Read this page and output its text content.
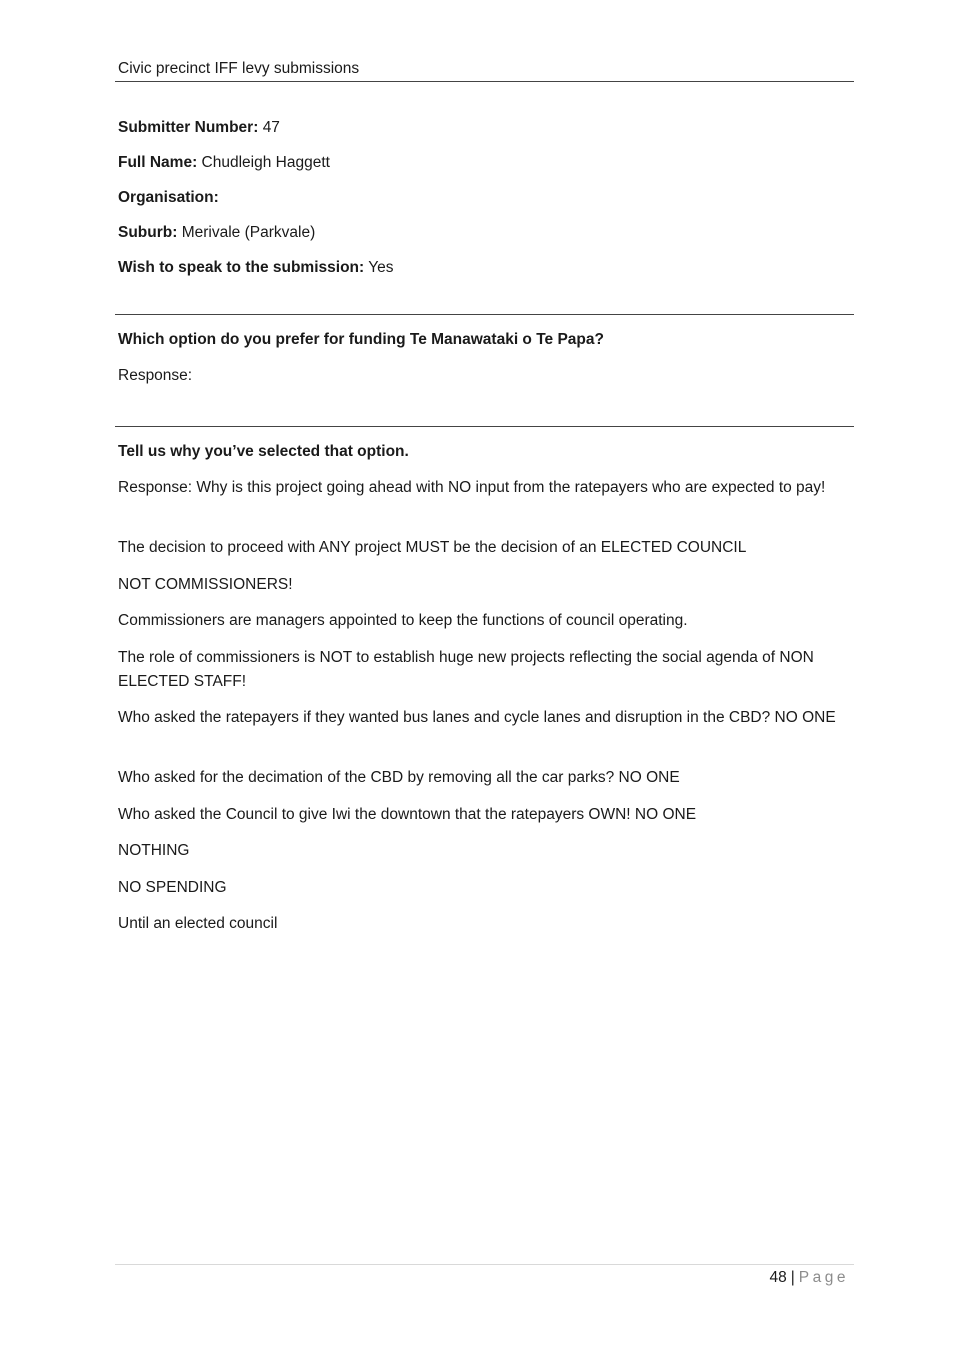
Civic precinct IFF levy submissions
Submitter Number: 47
Full Name: Chudleigh Haggett
Organisation:
Suburb: Merivale (Parkvale)
Wish to speak to the submission: Yes
Which option do you prefer for funding Te Manawataki o Te Papa?
Response:
Tell us why you’ve selected that option.
Response: Why is this project going ahead with NO input from the ratepayers who are expected to pay!
The decision to proceed with ANY project MUST be the decision of an ELECTED COUNCIL
NOT COMMISSIONERS!
Commissioners are managers appointed to keep the functions of council operating.
The role of commissioners is NOT to establish huge new projects reflecting the social agenda of NON ELECTED STAFF!
Who asked the ratepayers if they wanted bus lanes and cycle lanes and disruption in the CBD? NO ONE
Who asked for the decimation of the CBD by removing all the car parks? NO ONE
Who asked the Council to give Iwi the downtown that the ratepayers OWN! NO ONE
NOTHING
NO SPENDING
Until an elected council
48 | Page
